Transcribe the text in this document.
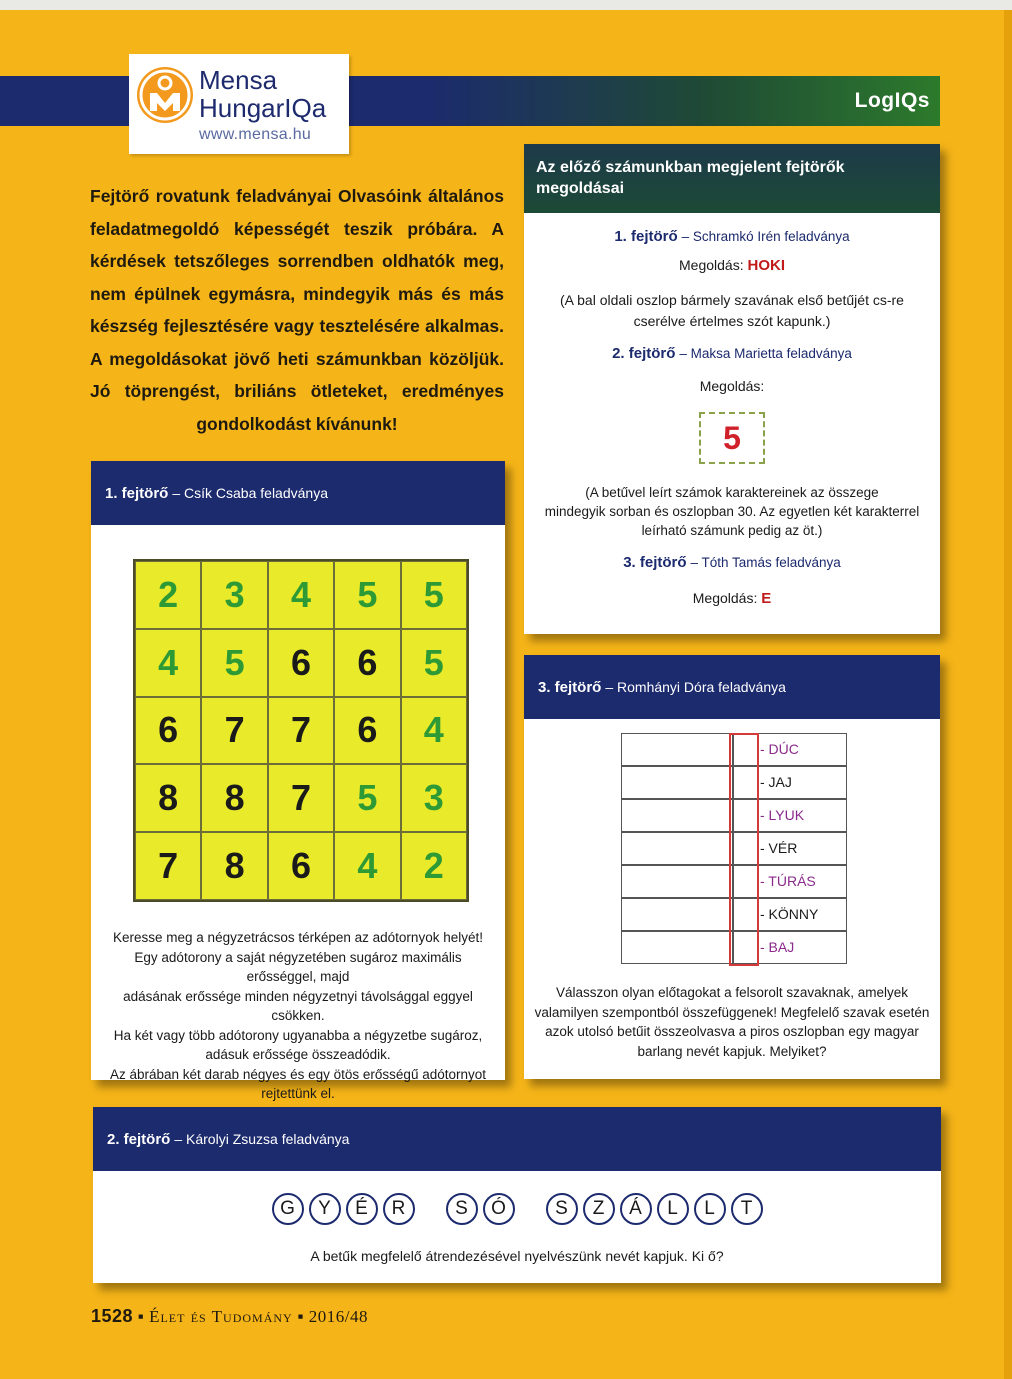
LogIQs
Mensa
HungarIQa
www.mensa.hu
Fejtörő rovatunk feladványai Olvasóink általános feladatmegoldó képességét teszik próbára. A kérdések tetszőleges sorrendben oldhatók meg, nem épülnek egymásra, mindegyik más és más készség fejlesztésére vagy tesztelésére alkalmas. A megoldásokat jövő heti számunkban közöljük. Jó töprengést, briliáns ötleteket, eredményes gondolkodást kívánunk!
1. fejtörő – Csík Csaba feladványa
2	3	4	5	5
4	5	6	6	5
6	7	7	6	4
8	8	7	5	3
7	8	6	4	2
Keresse meg a négyzetrácsos térképen az adótornyok helyét!
Egy adótorony a saját négyzetében sugároz maximális erősséggel, majd
adásának erőssége minden négyzetnyi távolsággal eggyel csökken.
Ha két vagy több adótorony ugyanabba a négyzetbe sugároz,
adásuk erőssége összeadódik.
Az ábrában két darab négyes és egy ötös erősségű adótornyot
rejtettünk el.
Az előző számunkban megjelent fejtörők
megoldásai
1. fejtörő – Schramkó Irén feladványa
Megoldás: HOKI
(A bal oldali oszlop bármely szavának első betűjét cs-re
cserélve értelmes szót kapunk.)
2. fejtörő – Maksa Marietta feladványa
Megoldás:
5
(A betűvel leírt számok karaktereinek az összege
mindegyik sorban és oszlopban 30. Az egyetlen két karakterrel
leírható számunk pedig az öt.)
3. fejtörő – Tóth Tamás feladványa
Megoldás: E
3. fejtörő – Romhányi Dóra feladványa
- DÚC
- JAJ
- LYUK
- VÉR
- TÚRÁS
- KÖNNY
- BAJ
Válasszon olyan előtagokat a felsorolt szavaknak, amelyek
valamilyen szempontból összefüggenek! Megfelelő szavak esetén
azok utolsó betűit összeolvasva a piros oszlopban egy magyar
barlang nevét kapjuk. Melyiket?
2. fejtörő – Károlyi Zsuzsa feladványa
G	Y	É	R	S	Ó	S	Z	Á	L	L	T
A betűk megfelelő átrendezésével nyelvészünk nevét kapjuk. Ki ő?
1528 ▪ Élet és Tudomány ▪ 2016/48
